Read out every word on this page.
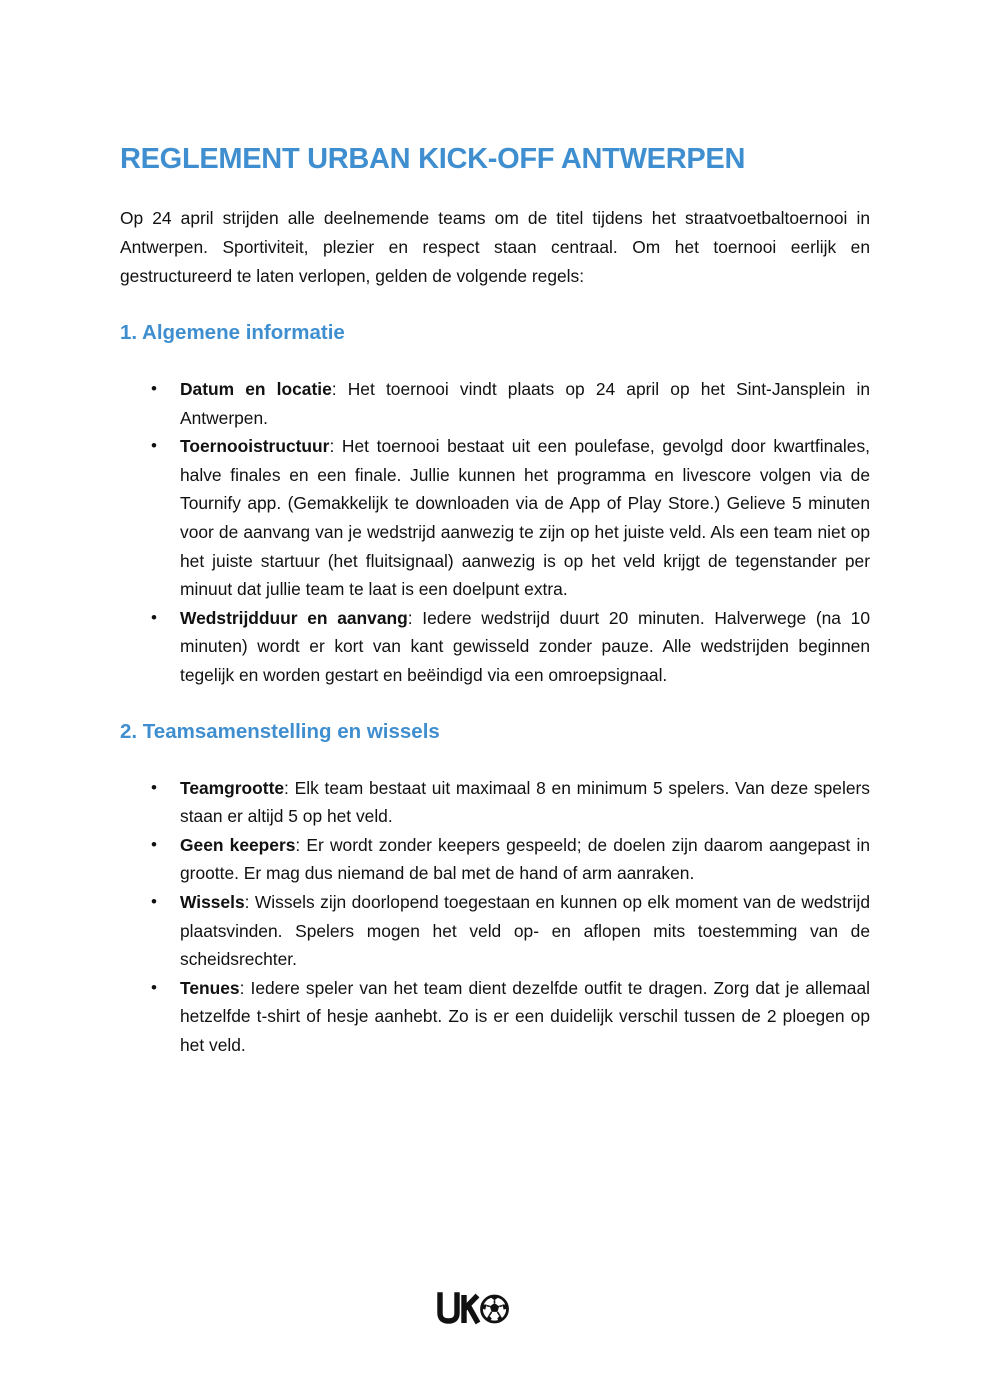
REGLEMENT URBAN KICK-OFF ANTWERPEN

Op 24 april strijden alle deelnemende teams om de titel tijdens het straatvoetbaltoernooi in Antwerpen. Sportiviteit, plezier en respect staan centraal. Om het toernooi eerlijk en gestructureerd te laten verlopen, gelden de volgende regels:

1. Algemene informatie
• Datum en locatie: Het toernooi vindt plaats op 24 april op het Sint-Jansplein in Antwerpen.
• Toernooistructuur: Het toernooi bestaat uit een poulefase, gevolgd door kwartfinales, halve finales en een finale. Jullie kunnen het programma en livescore volgen via de Tournify app. (Gemakkelijk te downloaden via de App of Play Store.) Gelieve 5 minuten voor de aanvang van je wedstrijd aanwezig te zijn op het juiste veld. Als een team niet op het juiste startuur (het fluitsignaal) aanwezig is op het veld krijgt de tegenstander per minuut dat jullie team te laat is een doelpunt extra.
• Wedstrijdduur en aanvang: Iedere wedstrijd duurt 20 minuten. Halverwege (na 10 minuten) wordt er kort van kant gewisseld zonder pauze. Alle wedstrijden beginnen tegelijk en worden gestart en beëindigd via een omroepsignaal.
2. Teamsamenstelling en wissels
• Teamgrootte: Elk team bestaat uit maximaal 8 en minimum 5 spelers. Van deze spelers staan er altijd 5 op het veld.
• Geen keepers: Er wordt zonder keepers gespeeld; de doelen zijn daarom aangepast in grootte. Er mag dus niemand de bal met de hand of arm aanraken.
• Wissels: Wissels zijn doorlopend toegestaan en kunnen op elk moment van de wedstrijd plaatsvinden. Spelers mogen het veld op- en aflopen mits toestemming van de scheidsrechter.
• Tenues: Iedere speler van het team dient dezelfde outfit te dragen. Zorg dat je allemaal hetzelfde t-shirt of hesje aanhebt. Zo is er een duidelijk verschil tussen de 2 ploegen op het veld.
